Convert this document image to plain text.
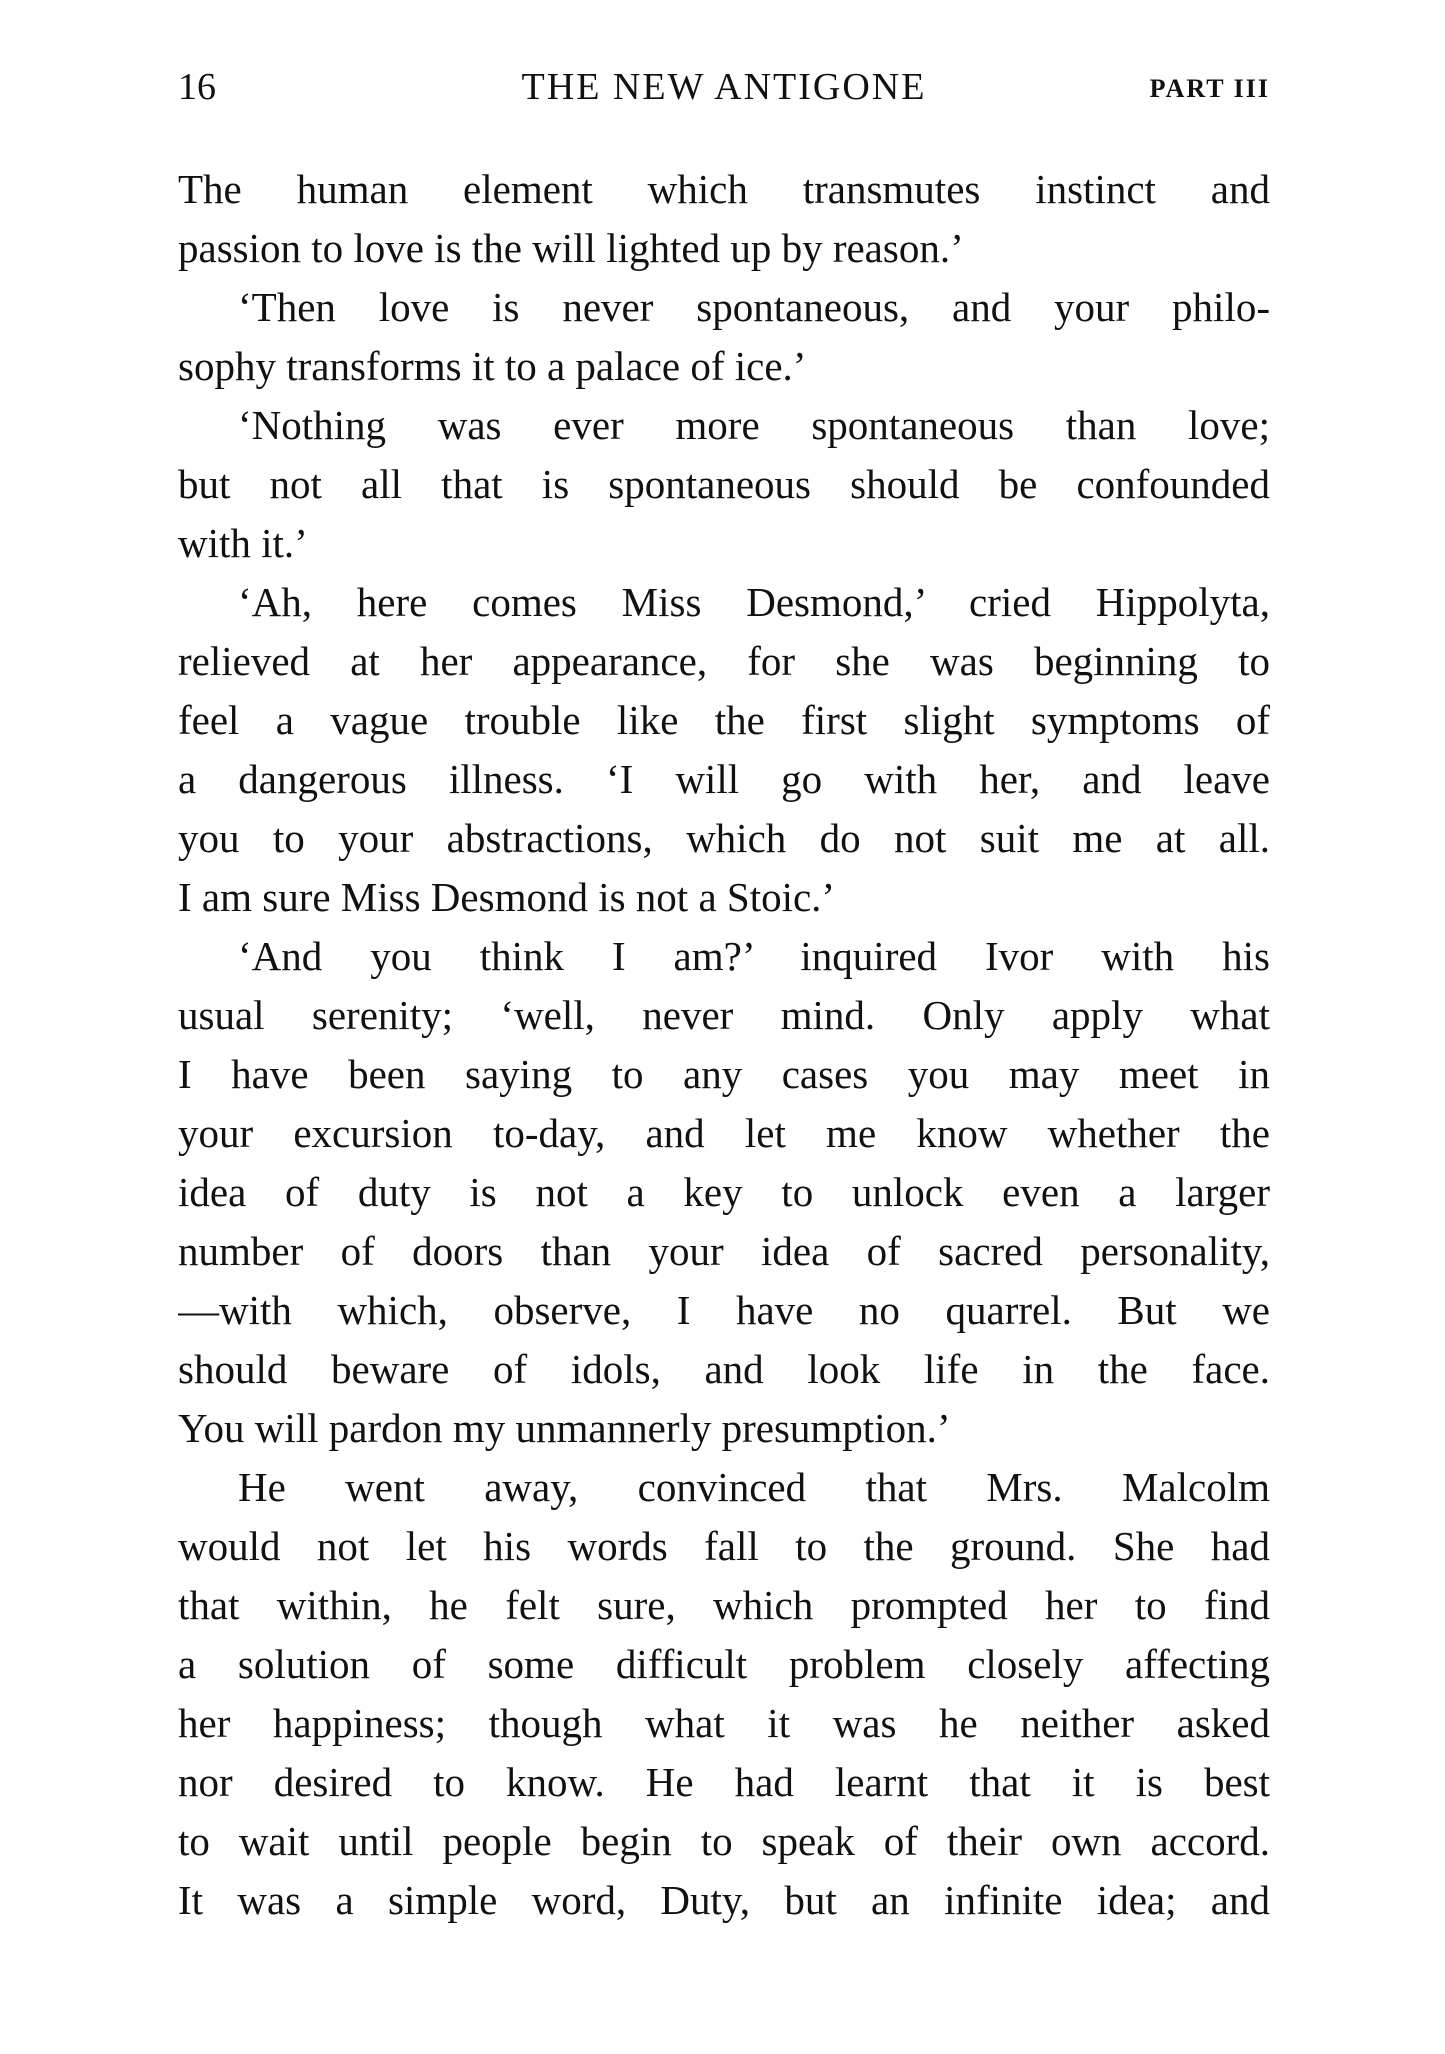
16	THE NEW ANTIGONE	PART III
The human element which transmutes instinct and
passion to love is the will lighted up by reason.’
‘Then love is never spontaneous, and your philo-
sophy transforms it to a palace of ice.’
‘Nothing was ever more spontaneous than love;
but not all that is spontaneous should be confounded
with it.’
‘Ah, here comes Miss Desmond,’ cried Hippolyta,
relieved at her appearance, for she was beginning to
feel a vague trouble like the first slight symptoms of
a dangerous illness. ‘I will go with her, and leave
you to your abstractions, which do not suit me at all.
I am sure Miss Desmond is not a Stoic.’
‘And you think I am?’ inquired Ivor with his
usual serenity; ‘well, never mind. Only apply what
I have been saying to any cases you may meet in
your excursion to-day, and let me know whether the
idea of duty is not a key to unlock even a larger
number of doors than your idea of sacred personality,
—with which, observe, I have no quarrel. But we
should beware of idols, and look life in the face.
You will pardon my unmannerly presumption.’
He went away, convinced that Mrs. Malcolm
would not let his words fall to the ground. She had
that within, he felt sure, which prompted her to find
a solution of some difficult problem closely affecting
her happiness; though what it was he neither asked
nor desired to know. He had learnt that it is best
to wait until people begin to speak of their own accord.
It was a simple word, Duty, but an infinite idea; and
